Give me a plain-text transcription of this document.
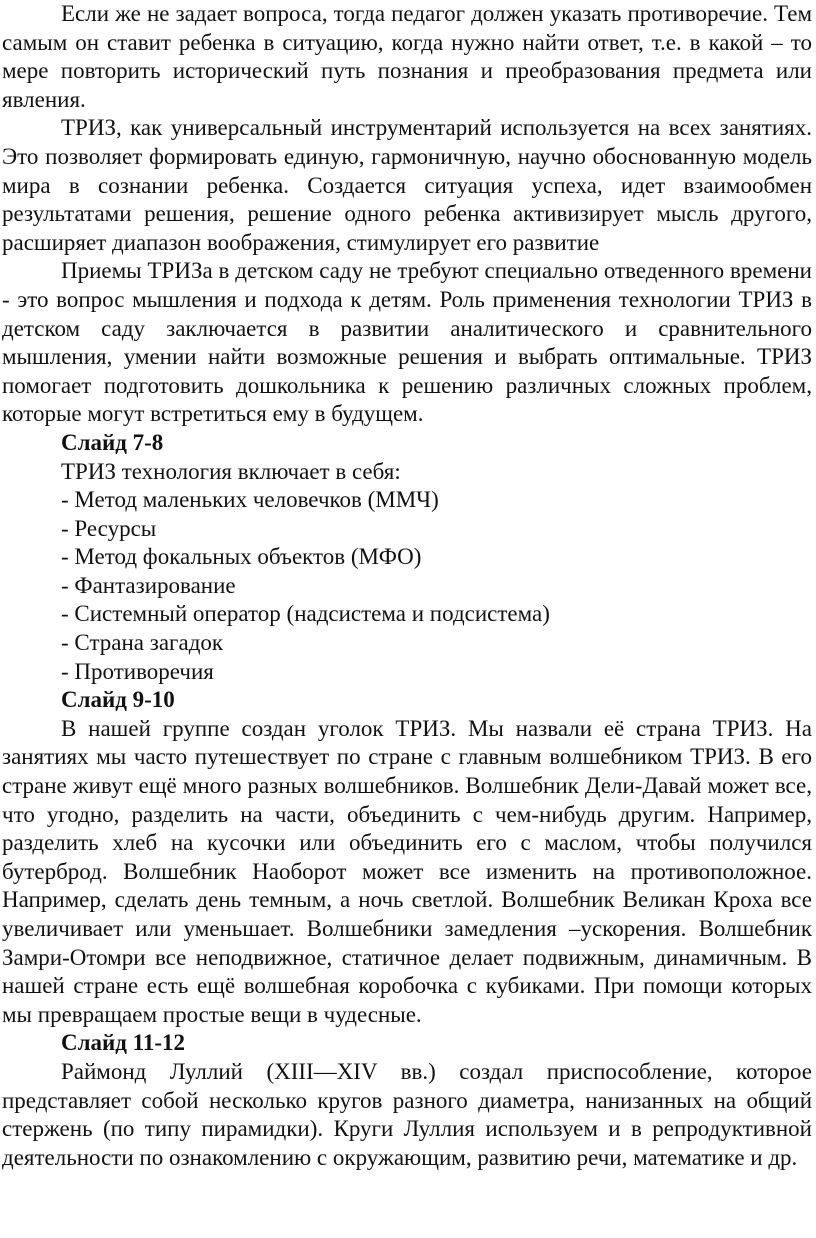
Если же не задает вопроса, тогда педагог должен указать противоречие. Тем самым он ставит ребенка в ситуацию, когда нужно найти ответ, т.е. в какой – то мере повторить исторический путь познания и преобразования предмета или явления.

ТРИЗ, как универсальный инструментарий используется на всех занятиях. Это позволяет формировать единую, гармоничную, научно обоснованную модель мира в сознании ребенка. Создается ситуация успеха, идет взаимообмен результатами решения, решение одного ребенка активизирует мысль другого, расширяет диапазон воображения, стимулирует его развитие

Приемы ТРИЗа в детском саду не требуют специально отведенного времени - это вопрос мышления и подхода к детям. Роль применения технологии ТРИЗ в детском саду заключается в развитии аналитического и сравнительного мышления, умении найти возможные решения и выбрать оптимальные. ТРИЗ помогает подготовить дошкольника к решению различных сложных проблем, которые могут встретиться ему в будущем.

Слайд 7-8

ТРИЗ технология включает в себя:

- Метод маленьких человечков (ММЧ)

- Ресурсы

- Метод фокальных объектов (МФО)

- Фантазирование

- Системный оператор (надсистема и подсистема)

- Страна загадок

- Противоречия

Слайд 9-10

В нашей группе создан уголок ТРИЗ. Мы назвали её страна ТРИЗ. На занятиях мы часто путешествует по стране с главным волшебником ТРИЗ. В его стране живут ещё много разных волшебников. Волшебник Дели-Давай может все, что угодно, разделить на части, объединить с чем-нибудь другим. Например, разделить хлеб на кусочки или объединить его с маслом, чтобы получился бутерброд. Волшебник Наоборот может все изменить на противоположное. Например, сделать день темным, а ночь светлой. Волшебник Великан Кроха все увеличивает или уменьшает. Волшебники замедления –ускорения. Волшебник Замри-Отомри все неподвижное, статичное делает подвижным, динамичным. В нашей стране есть ещё волшебная коробочка с кубиками. При помощи которых мы превращаем простые вещи в чудесные.

Слайд 11-12

Раймонд Луллий (XIII—XIV вв.) создал приспособление, которое представляет собой несколько кругов разного диаметра, нанизанных на общий стержень (по типу пирамидки). Круги Луллия используем и в репродуктивной деятельности по ознакомлению с окружающим, развитию речи, математике и др.
